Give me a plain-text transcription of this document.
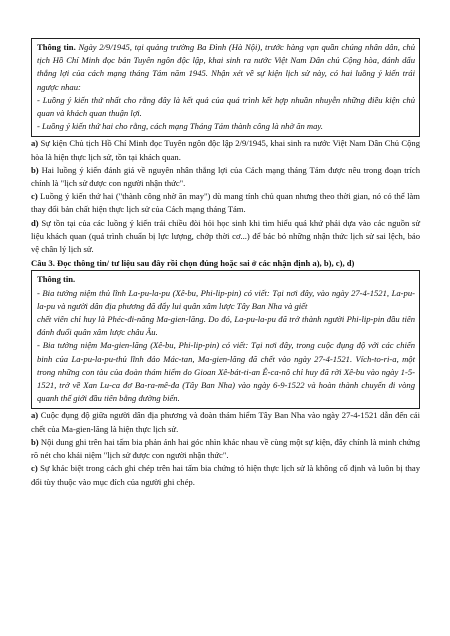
Thông tin. Ngày 2/9/1945, tại quảng trường Ba Đình (Hà Nội), trước hàng vạn quần chúng nhân dân, chủ tịch Hồ Chí Minh đọc bản Tuyên ngôn độc lập, khai sinh ra nước Việt Nam Dân chủ Cộng hòa, đánh dấu thắng lợi của cách mạng tháng Tám năm 1945. Nhận xét về sự kiện lịch sử này, có hai luồng ý kiến trái ngược nhau:

- Luồng ý kiến thứ nhất cho rằng đây là kết quả của quá trình kết hợp nhuần nhuyễn những điều kiện chủ quan và khách quan thuận lợi.

- Luồng ý kiến thứ hai cho rằng, cách mạng Tháng Tám thành công là nhờ ăn may.

a) Sự kiện Chủ tịch Hồ Chí Minh đọc Tuyên ngôn độc lập 2/9/1945, khai sinh ra nước Việt Nam Dân Chủ Cộng hòa là hiện thực lịch sử, tồn tại khách quan.

b) Hai luồng ý kiến đánh giá về nguyên nhân thắng lợi của Cách mạng tháng Tám được nêu trong đoạn trích chính là "lịch sử được con người nhận thức".

c) Luồng ý kiến thứ hai ("thành công nhờ ăn may") dù mang tính chủ quan nhưng theo thời gian, nó có thể làm thay đổi bản chất hiện thực lịch sử của Cách mạng tháng Tám.

d) Sự tồn tại của các luồng ý kiến trái chiều đòi hỏi học sinh khi tìm hiểu quá khứ phải dựa vào các nguồn sử liệu khách quan (quá trình chuẩn bị lực lượng, chớp thời cơ...) để bác bỏ những nhận thức lịch sử sai lệch, bảo vệ chân lý lịch sử.

Câu 3. Đọc thông tin/ tư liệu sau đây rồi chọn đúng hoặc sai ở các nhận định a), b), c), d)

Thông tin.

- Bia tưởng niệm thủ lĩnh La-pu-la-pu (Xê-bu, Phi-lip-pin) có viết: Tại nơi đây, vào ngày 27-4-1521, La-pu-la-pu và người dân địa phương đã đẩy lui quân xâm lược Tây Ban Nha và giết

chết viên chỉ huy là Phéc-đi-năng Ma-gien-lăng. Do đó, La-pu-la-pu đã trở thành người Phi-lip-pin đầu tiên đánh đuổi quân xâm lược châu Âu.

- Bia tưởng niệm Ma-gien-lăng (Xê-bu, Phi-lip-pin) có viết: Tại nơi đây, trong cuộc đụng độ với các chiến binh của La-pu-la-pu-thủ lĩnh đảo Mác-tan, Ma-gien-lăng đã chết vào ngày 27-4-1521. Vích-to-ri-a, một trong những con tàu của đoàn thám hiểm do Gioan Xê-bát-ti-an Ê-ca-nô chỉ huy đã rời Xê-bu vào ngày 1-5-1521, trở về Xan Lu-ca đơ Ba-ra-mê-đa (Tây Ban Nha) vào ngày 6-9-1522 và hoàn thành chuyến đi vòng quanh thế giới đầu tiên bằng đường biển.

a) Cuộc đụng độ giữa người dân địa phương và đoàn thám hiểm Tây Ban Nha vào ngày 27-4-1521 dẫn đến cái chết của Ma-gien-lăng là hiện thực lịch sử.

b) Nội dung ghi trên hai tấm bia phản ánh hai góc nhìn khác nhau về cùng một sự kiện, đây chính là minh chứng rõ nét cho khái niệm "lịch sử được con người nhận thức".

c) Sự khác biệt trong cách ghi chép trên hai tấm bia chứng tỏ hiện thực lịch sử là không cố định và luôn bị thay đổi tùy thuộc vào mục đích của người ghi chép.
